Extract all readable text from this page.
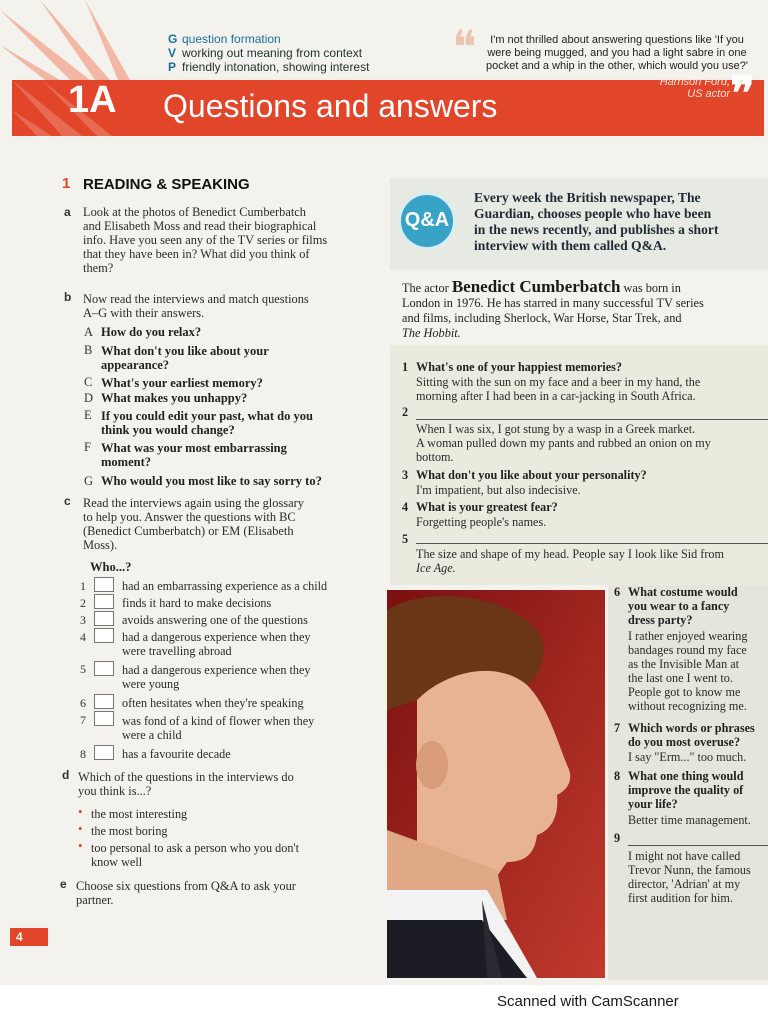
G question formation
V working out meaning from context
P friendly intonation, showing interest ❝	I'm not thrilled about answering questions like 'If you
were being mugged, and you had a light sabre in one
pocket and a whip in the other, which would you use?'
1A Questions and answers
Harrison Ford,
US actor ❞
1 READING & SPEAKING
a Look at the photos of Benedict Cumberbatch
and Elisabeth Moss and read their biographical
info. Have you seen any of the TV series or films
that they have been in? What did you think of
them?
b Now read the interviews and match questions
A–G with their answers.
A How do you relax?
B What don't you like about your
appearance?
C What's your earliest memory?
D What makes you unhappy?
E If you could edit your past, what do you
think you would change?
F What was your most embarrassing
moment?
G Who would you most like to say sorry to?
c Read the interviews again using the glossary
to help you. Answer the questions with BC
(Benedict Cumberbatch) or EM (Elisabeth
Moss).
Who...?
1	had an embarrassing experience as a child
2	finds it hard to make decisions
3	avoids answering one of the questions
4	had a dangerous experience when they
were travelling abroad
5	had a dangerous experience when they
were young
6	often hesitates when they're speaking
7	was fond of a kind of flower when they
were a child
8	has a favourite decade
d Which of the questions in the interviews do
you think is...?
• the most interesting
• the most boring
• too personal to ask a person who you don't
know well
e Choose six questions from Q&A to ask your
partner.
4
Q&A
Every week the British newspaper, The
Guardian, chooses people who have been
in the news recently, and publishes a short
interview with them called Q&A.
The actor Benedict Cumberbatch was born in
London in 1976. He has starred in many successful TV series
and films, including Sherlock, War Horse, Star Trek, and
The Hobbit.
1 What's one of your happiest memories?
Sitting with the sun on my face and a beer in my hand, the
morning after I had been in a car-jacking in South Africa.
2
When I was six, I got stung by a wasp in a Greek market.
A woman pulled down my pants and rubbed an onion on my
bottom.
3 What don't you like about your personality?
I'm impatient, but also indecisive.
4 What is your greatest fear?
Forgetting people's names.
5
The size and shape of my head. People say I look like Sid from
Ice Age.
6 What costume would
you wear to a fancy
dress party?
I rather enjoyed wearing
bandages round my face
as the Invisible Man at
the last one I went to.
People got to know me
without recognizing me.
7 Which words or phrases
do you most overuse?
I say "Erm..." too much.
8 What one thing would
improve the quality of
your life?
Better time management.
9
I might not have called
Trevor Nunn, the famous
director, 'Adrian' at my
first audition for him.
Scanned with CamScanner
